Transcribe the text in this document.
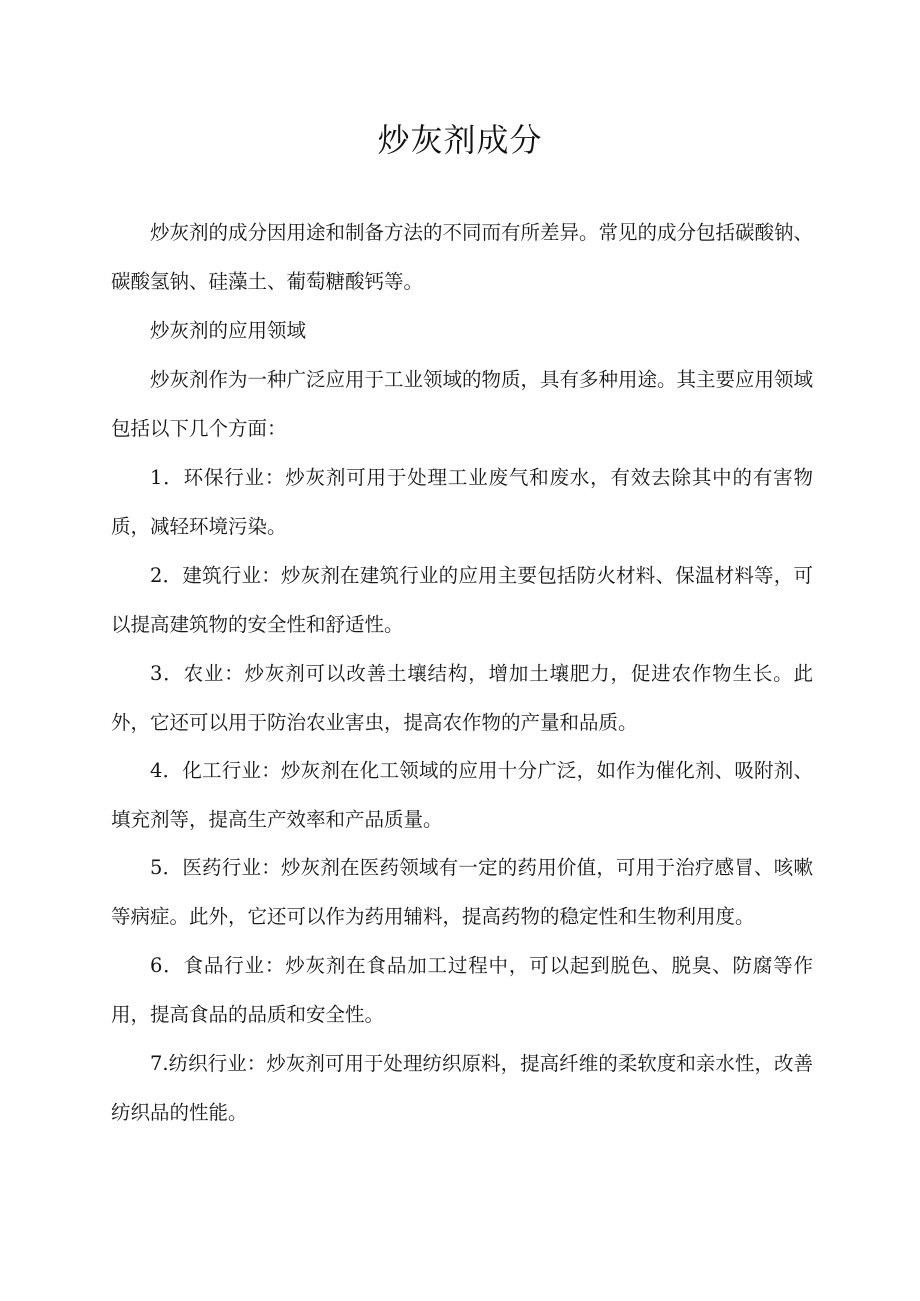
炒灰剂成分

炒灰剂的成分因用途和制备方法的不同而有所差异。常见的成分包括碳酸钠、碳酸氢钠、硅藻土、葡萄糖酸钙等。

炒灰剂的应用领域

炒灰剂作为一种广泛应用于工业领域的物质，具有多种用途。其主要应用领域包括以下几个方面：

1．环保行业：炒灰剂可用于处理工业废气和废水，有效去除其中的有害物质，减轻环境污染。

2．建筑行业：炒灰剂在建筑行业的应用主要包括防火材料、保温材料等，可以提高建筑物的安全性和舒适性。

3．农业：炒灰剂可以改善土壤结构，增加土壤肥力，促进农作物生长。此外，它还可以用于防治农业害虫，提高农作物的产量和品质。

4．化工行业：炒灰剂在化工领域的应用十分广泛，如作为催化剂、吸附剂、填充剂等，提高生产效率和产品质量。

5．医药行业：炒灰剂在医药领域有一定的药用价值，可用于治疗感冒、咳嗽等病症。此外，它还可以作为药用辅料，提高药物的稳定性和生物利用度。

6．食品行业：炒灰剂在食品加工过程中，可以起到脱色、脱臭、防腐等作用，提高食品的品质和安全性。

7.纺织行业：炒灰剂可用于处理纺织原料，提高纤维的柔软度和亲水性，改善纺织品的性能。
